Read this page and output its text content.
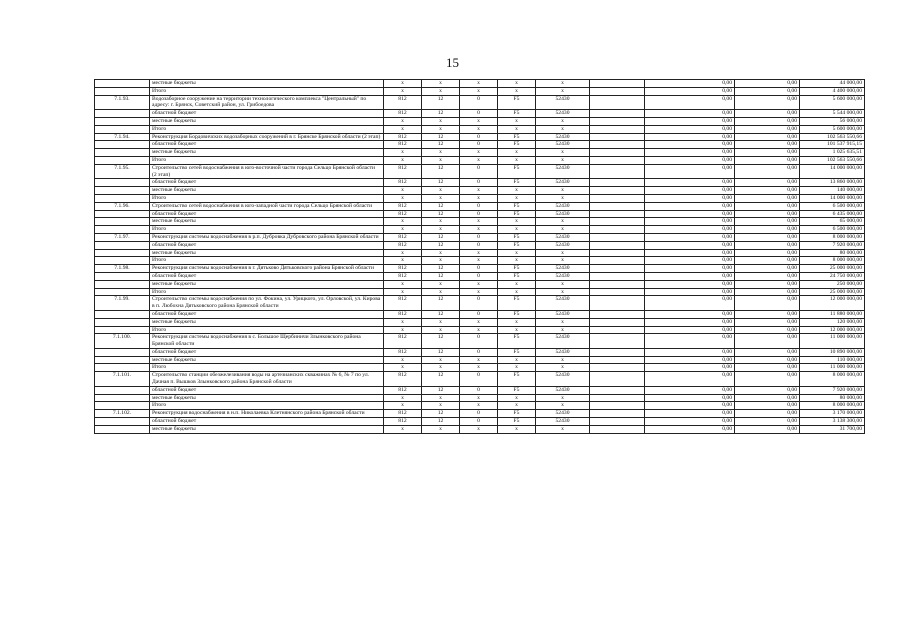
15
	местные бюджеты	х	х	х	х	х		0,00	0,00	44 000,00
	Итого	х	х	х	х	х		0,00	0,00	4 400 000,00
7.1.93.	Водозаборное сооружение на территории технологического комплекса "Центральный" по адресу: г. Брянск, Советский район, ул. Грибоедова	812	12	0	F5	52430		0,00	0,00	5 600 000,00
	областной бюджет	812	12	0	F5	52430		0,00	0,00	5 544 000,00
	местные бюджеты	х	х	х	х	х		0,00	0,00	56 000,00
	Итого	х	х	х	х	х		0,00	0,00	5 600 000,00
7.1.94.	Реконструкция Бордовичских водозаборных сооружений в г. Брянске Брянской области (2 этап)	812	12	0	F5	52430		0,00	0,00	102 563 550,66
	областной бюджет	812	12	0	F5	52430		0,00	0,00	101 537 915,15
	местные бюджеты	х	х	х	х	х		0,00	0,00	1 025 635,51
	Итого	х	х	х	х	х		0,00	0,00	102 563 550,66
7.1.95.	Строительство сетей водоснабжения в юго-восточной части города Сельцо Брянской области (2 этап)	812	12	0	F5	52430		0,00	0,00	14 000 000,00
	областной бюджет	812	12	0	F5	52430		0,00	0,00	13 860 000,00
	местные бюджеты	х	х	х	х	х		0,00	0,00	140 000,00
	Итого	х	х	х	х	х		0,00	0,00	14 000 000,00
7.1.96.	Строительство сетей водоснабжения в юго-западной части города Сельцо Брянской области	812	12	0	F5	52430		0,00	0,00	6 500 000,00
	областной бюджет	812	12	0	F5	52430		0,00	0,00	6 435 000,00
	местные бюджеты	х	х	х	х	х		0,00	0,00	65 000,00
	Итого	х	х	х	х	х		0,00	0,00	6 500 000,00
7.1.97.	Реконструкция системы водоснабжения в р.п. Дубровка Дубровского района Брянской области	812	12	0	F5	52430		0,00	0,00	8 000 000,00
	областной бюджет	812	12	0	F5	52430		0,00	0,00	7 920 000,00
	местные бюджеты	х	х	х	х	х		0,00	0,00	80 000,00
	Итого	х	х	х	х	х		0,00	0,00	8 000 000,00
7.1.98.	Реконструкция системы водоснабжения в г. Дятьково Дятьковского района Брянской области	812	12	0	F5	52430		0,00	0,00	25 000 000,00
	областной бюджет	812	12	0	F5	52430		0,00	0,00	24 750 000,00
	местные бюджеты	х	х	х	х	х		0,00	0,00	250 000,00
	Итого	х	х	х	х	х		0,00	0,00	25 000 000,00
7.1.99.	Строительство системы водоснабжения по ул. Фокина, ул. Урицкого, ул. Орловской, ул. Кирова в п. Любохна Дятьковского района Брянской области	812	12	0	F5	52430		0,00	0,00	12 000 000,00
	областной бюджет	812	12	0	F5	52430		0,00	0,00	11 880 000,00
	местные бюджеты	х	х	х	х	х		0,00	0,00	120 000,00
	Итого	х	х	х	х	х		0,00	0,00	12 000 000,00
7.1.100.	Реконструкция системы водоснабжения в с. Большое Щербиничи Злынковского района Брянской области	812	12	0	F5	52430		0,00	0,00	11 000 000,00
	областной бюджет	812	12	0	F5	52430		0,00	0,00	10 890 000,00
	местные бюджеты	х	х	х	х	х		0,00	0,00	110 000,00
	Итого	х	х	х	х	х		0,00	0,00	11 000 000,00
7.1.101.	Строительство станции обезжелезивания воды на артезианских скважинах № 6, № 7 по ул. Дачная п. Вышков Злынковского района Брянской области	812	12	0	F5	52430		0,00	0,00	8 000 000,00
	областной бюджет	812	12	0	F5	52430		0,00	0,00	7 920 000,00
	местные бюджеты	х	х	х	х	х		0,00	0,00	80 000,00
	Итого	х	х	х	х	х		0,00	0,00	8 000 000,00
7.1.102.	Реконструкция водоснабжения в н.п. Николаевка Клетнянского района Брянской области	812	12	0	F5	52430		0,00	0,00	3 170 000,00
	областной бюджет	812	12	0	F5	52430		0,00	0,00	3 138 300,00
	местные бюджеты	х	х	х	х	х		0,00	0,00	31 700,00
